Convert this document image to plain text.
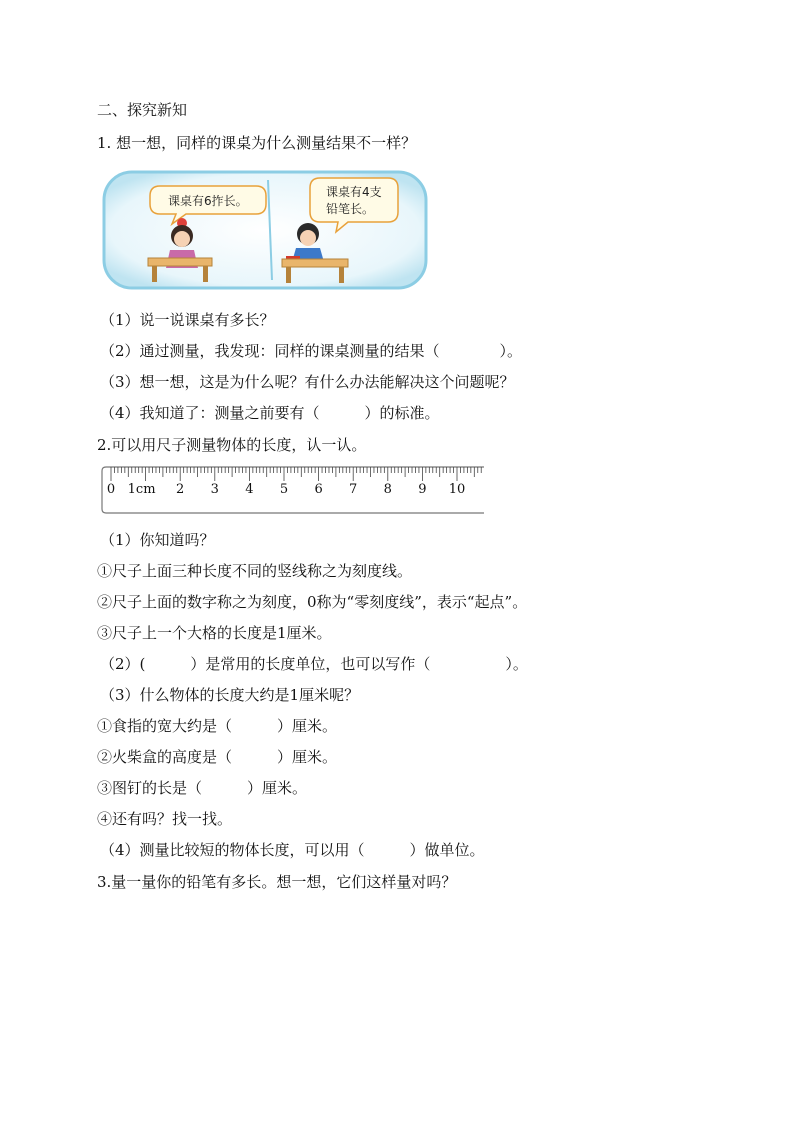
二、探究新知
1. 想一想，同样的课桌为什么测量结果不一样？
课桌有6拃长。
课桌有4支
铅笔长。
（1）说一说课桌有多长？
（2）通过测量，我发现：同样的课桌测量的结果（　　　　）。
（3）想一想，这是为什么呢？有什么办法能解决这个问题呢？
（4）我知道了：测量之前要有（　　　）的标准。
2.可以用尺子测量物体的长度，认一认。
0 1cm 2 3 4 5 6 7 8 9 10
（1）你知道吗？
①尺子上面三种长度不同的竖线称之为刻度线。
②尺子上面的数字称之为刻度，0称为“零刻度线”，表示“起点”。
③尺子上一个大格的长度是1厘米。
（2）(　　　）是常用的长度单位，也可以写作（　　　　　）。
（3）什么物体的长度大约是1厘米呢？
①食指的宽大约是（　　　）厘米。
②火柴盒的高度是（　　　）厘米。
③图钉的长是（　　　）厘米。
④还有吗？找一找。
（4）测量比较短的物体长度，可以用（　　　）做单位。
3.量一量你的铅笔有多长。想一想，它们这样量对吗？
